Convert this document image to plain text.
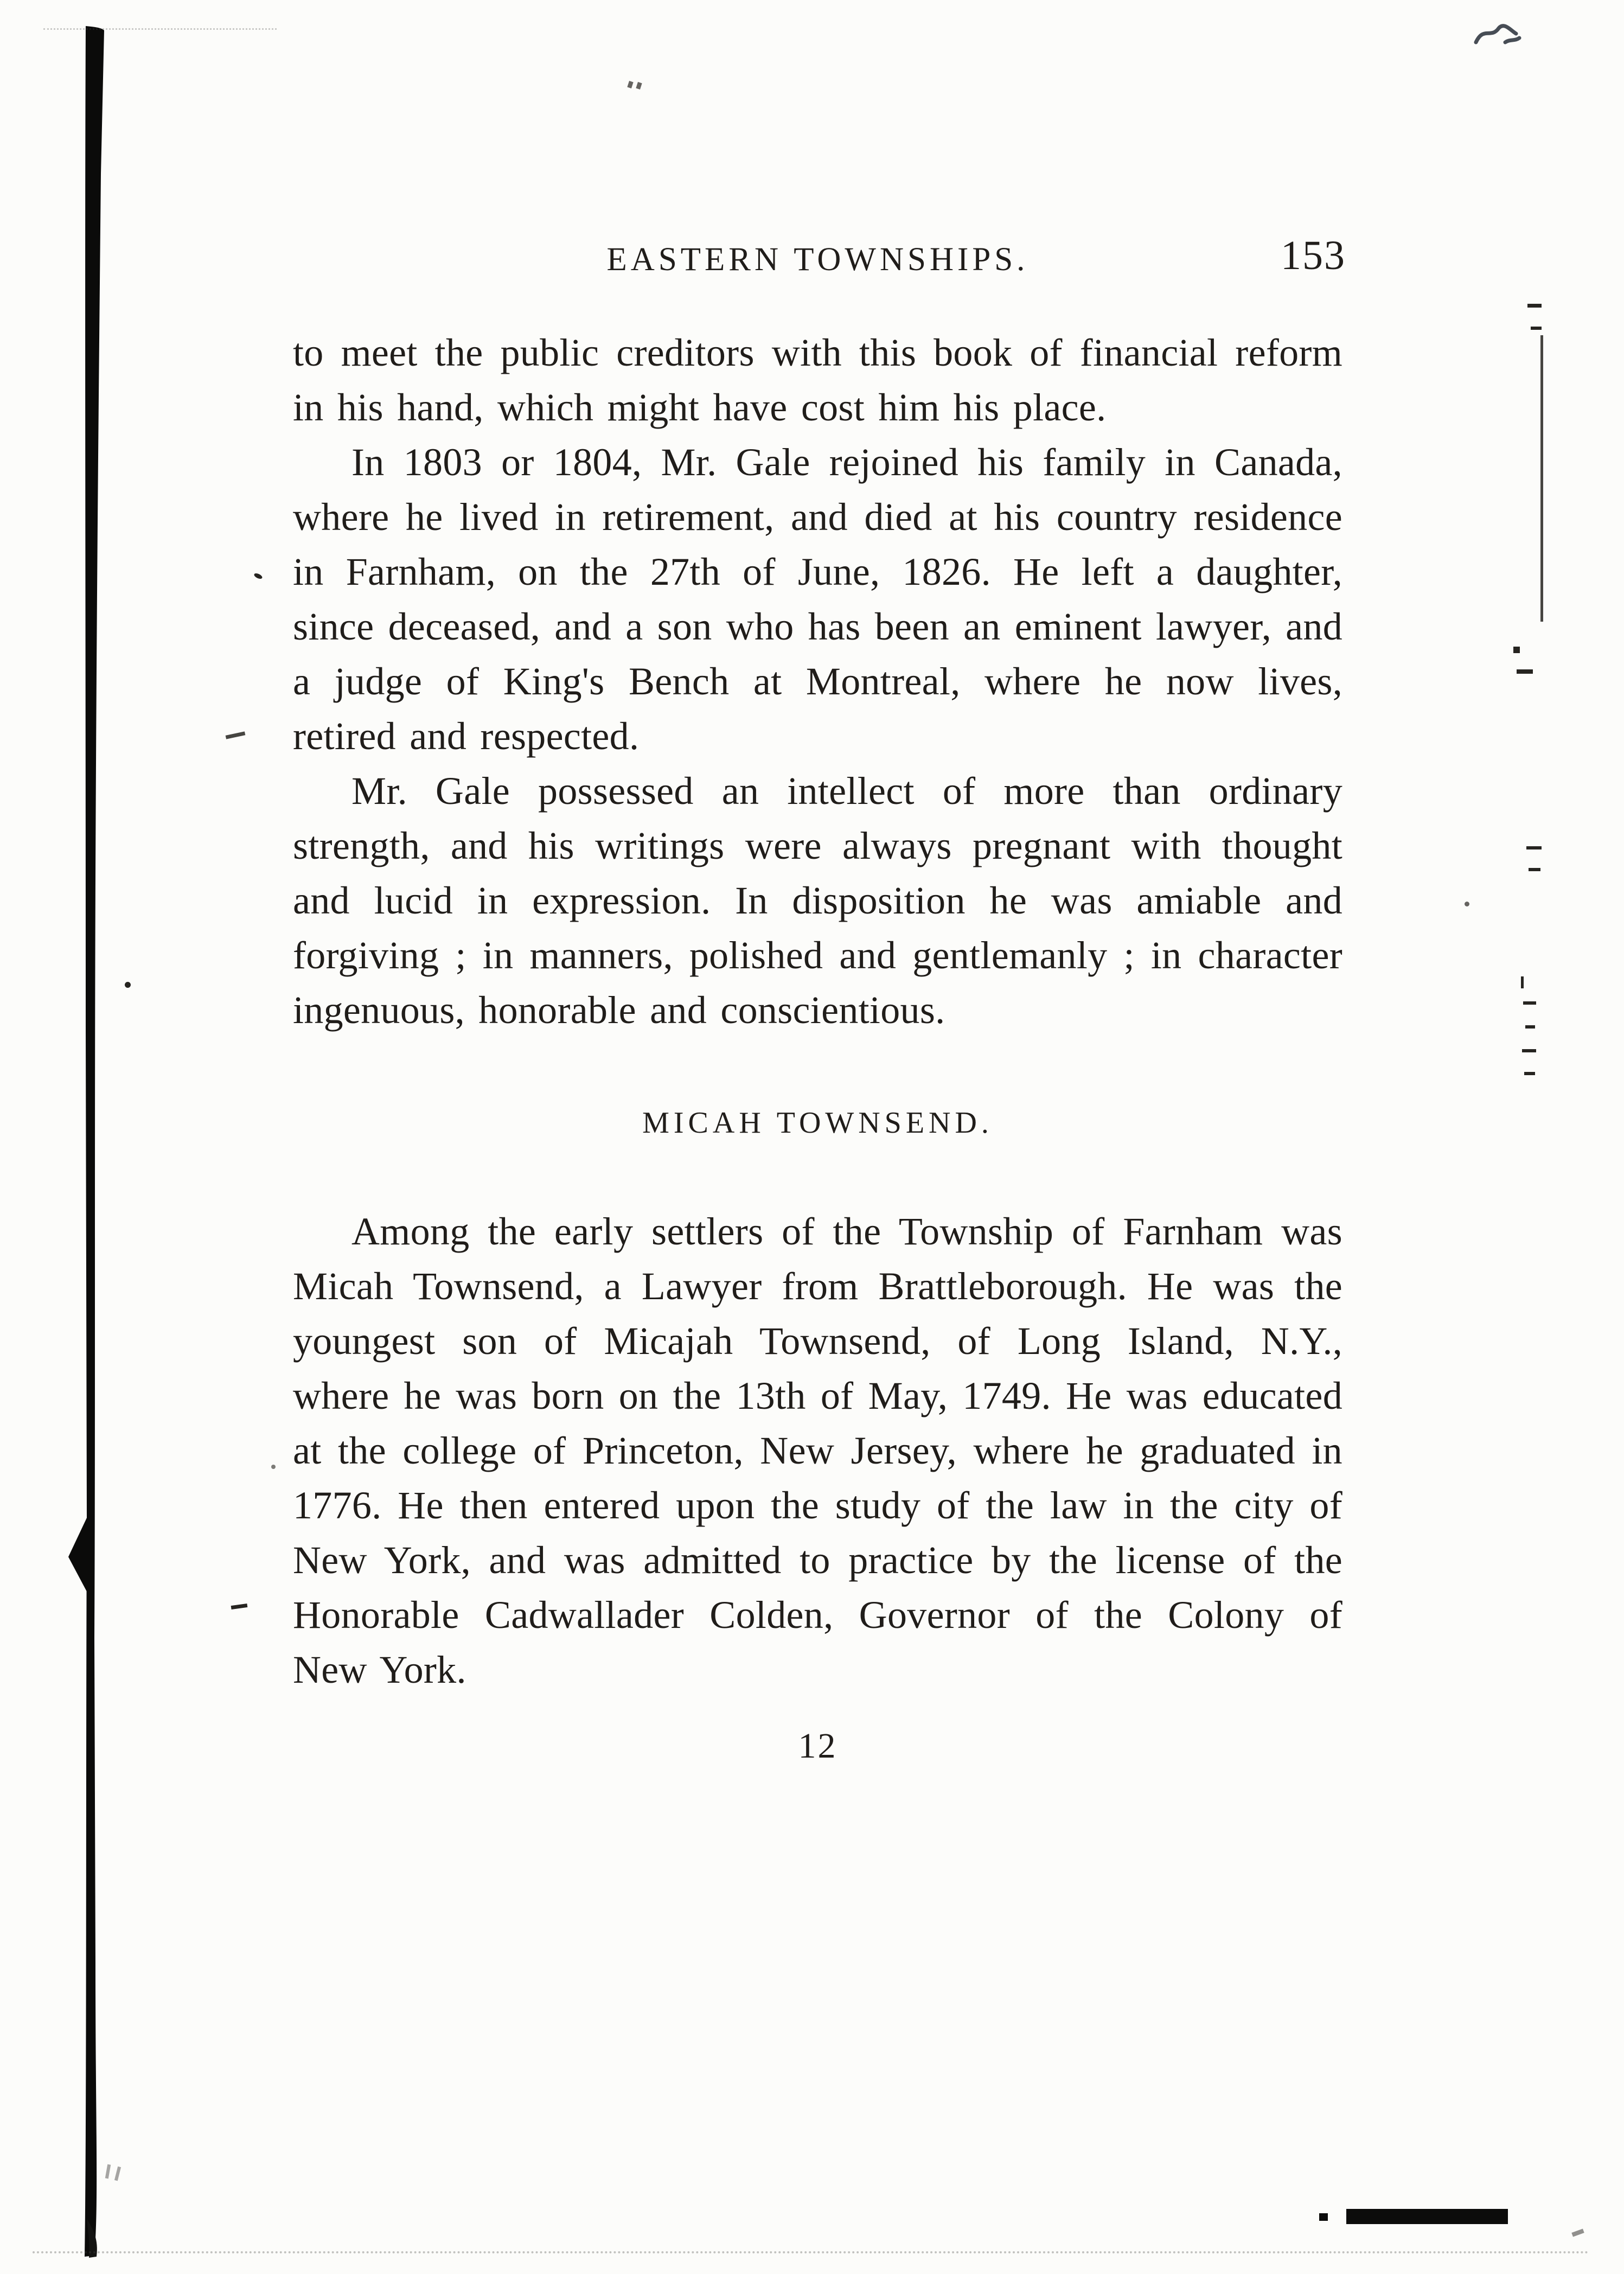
EASTERN TOWNSHIPS.	153

to meet the public creditors with this book of financial reform in his hand, which might have cost him his place.

In 1803 or 1804, Mr. Gale rejoined his family in Canada, where he lived in retirement, and died at his country residence in Farnham, on the 27th of June, 1826. He left a daughter, since deceased, and a son who has been an eminent lawyer, and a judge of King's Bench at Montreal, where he now lives, retired and respected.

Mr. Gale possessed an intellect of more than ordinary strength, and his writings were always pregnant with thought and lucid in expression. In disposition he was amiable and forgiving ; in manners, polished and gentlemanly ; in character ingenuous, honorable and conscientious.

MICAH TOWNSEND.

Among the early settlers of the Township of Farnham was Micah Townsend, a Lawyer from Brattleborough. He was the youngest son of Micajah Townsend, of Long Island, N.Y., where he was born on the 13th of May, 1749. He was educated at the college of Princeton, New Jersey, where he graduated in 1776. He then entered upon the study of the law in the city of New York, and was admitted to practice by the license of the Honorable Cadwallader Colden, Governor of the Colony of New York.

12
